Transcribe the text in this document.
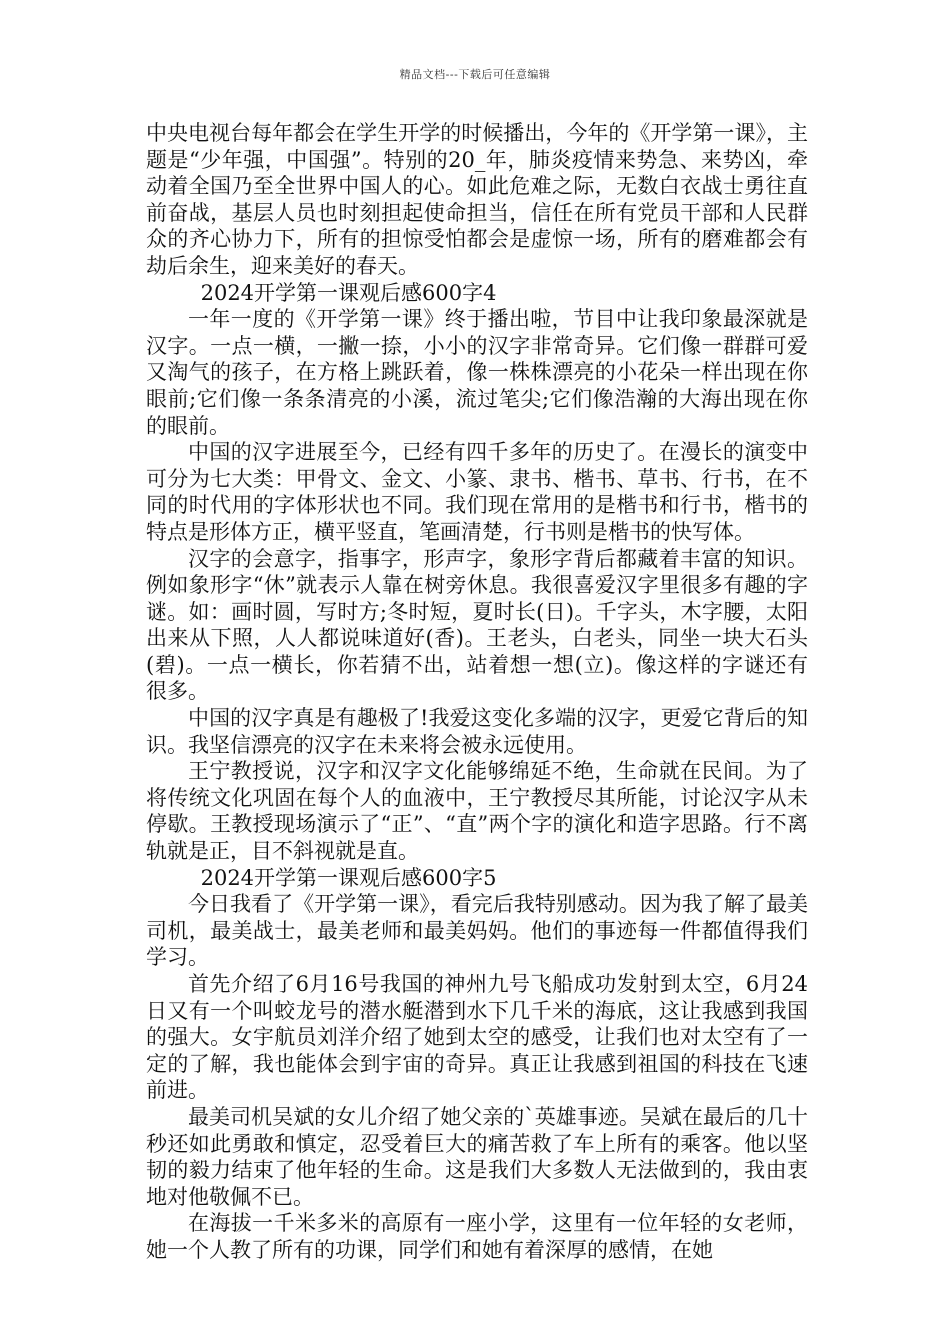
精品文档---下载后可任意编辑
中央电视台每年都会在学生开学的时候播出，今年的《开学第一课》，主题是“少年强，中国强”。特别的20_年，肺炎疫情来势急、来势凶，牵动着全国乃至全世界中国人的心。如此危难之际，无数白衣战士勇往直前奋战，基层人员也时刻担起使命担当，信任在所有党员干部和人民群众的齐心协力下，所有的担惊受怕都会是虚惊一场，所有的磨难都会有劫后余生，迎来美好的春天。
2024开学第一课观后感600字4
一年一度的《开学第一课》终于播出啦，节目中让我印象最深就是汉字。一点一横，一撇一捺，小小的汉字非常奇异。它们像一群群可爱又淘气的孩子，在方格上跳跃着，像一株株漂亮的小花朵一样出现在你眼前;它们像一条条清亮的小溪，流过笔尖;它们像浩瀚的大海出现在你的眼前。
中国的汉字进展至今，已经有四千多年的历史了。在漫长的演变中可分为七大类：甲骨文、金文、小篆、隶书、楷书、草书、行书，在不同的时代用的字体形状也不同。我们现在常用的是楷书和行书，楷书的特点是形体方正，横平竖直，笔画清楚，行书则是楷书的快写体。
汉字的会意字，指事字，形声字，象形字背后都藏着丰富的知识。例如象形字“休”就表示人靠在树旁休息。我很喜爱汉字里很多有趣的字谜。如：画时圆，写时方;冬时短，夏时长(日)。千字头，木字腰，太阳出来从下照，人人都说味道好(香)。王老头，白老头，同坐一块大石头(碧)。一点一横长，你若猜不出，站着想一想(立)。像这样的字谜还有很多。
中国的汉字真是有趣极了!我爱这变化多端的汉字，更爱它背后的知识。我坚信漂亮的汉字在未来将会被永远使用。
王宁教授说，汉字和汉字文化能够绵延不绝，生命就在民间。为了将传统文化巩固在每个人的血液中，王宁教授尽其所能，讨论汉字从未停歇。王教授现场演示了“正”、“直”两个字的演化和造字思路。行不离轨就是正，目不斜视就是直。
2024开学第一课观后感600字5
今日我看了《开学第一课》，看完后我特别感动。因为我了解了最美司机，最美战士，最美老师和最美妈妈。他们的事迹每一件都值得我们学习。
首先介绍了6月16号我国的神州九号飞船成功发射到太空，6月24日又有一个叫蛟龙号的潜水艇潜到水下几千米的海底，这让我感到我国的强大。女宇航员刘洋介绍了她到太空的感受，让我们也对太空有了一定的了解，我也能体会到宇宙的奇异。真正让我感到祖国的科技在飞速前进。
最美司机吴斌的女儿介绍了她父亲的`英雄事迹。吴斌在最后的几十秒还如此勇敢和慎定，忍受着巨大的痛苦救了车上所有的乘客。他以坚韧的毅力结束了他年轻的生命。这是我们大多数人无法做到的，我由衷地对他敬佩不已。
在海拔一千米多米的高原有一座小学，这里有一位年轻的女老师，她一个人教了所有的功课，同学们和她有着深厚的感情，在她
